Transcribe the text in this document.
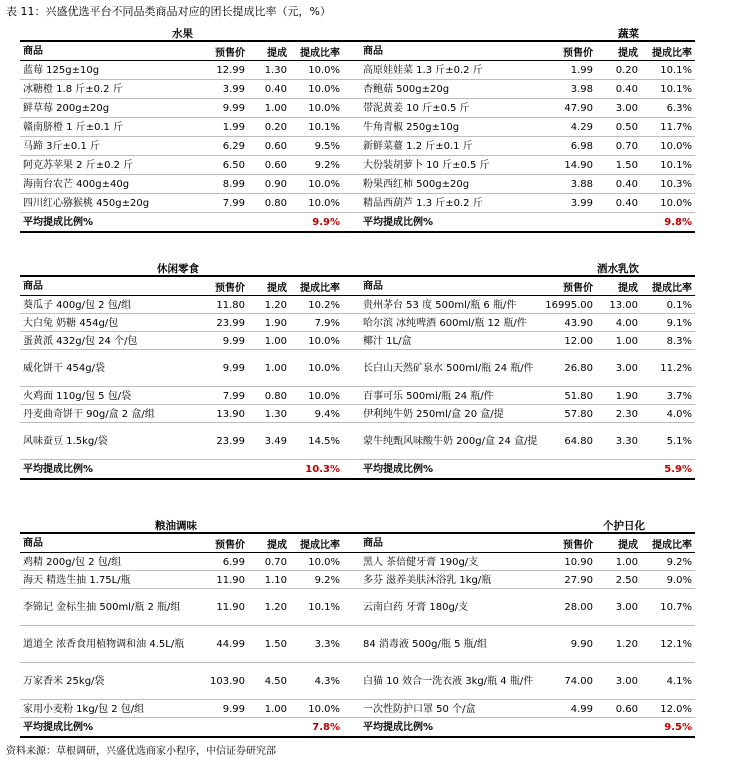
表 11：兴盛优选平台不同品类商品对应的团长提成比率（元，%）
水果	蔬菜
商品	预售价	提成	提成比率
蓝莓 125g±10g	12.99	1.30	10.0%
冰糖橙 1.8 斤±0.2 斤	3.99	0.40	10.0%
鲜草莓 200g±20g	9.99	1.00	10.0%
赣南脐橙 1 斤±0.1 斤	1.99	0.20	10.1%
马蹄 3斤±0.1 斤	6.29	0.60	9.5%
阿克苏苹果 2 斤±0.2 斤	6.50	0.60	9.2%
海南台农芒 400g±40g	8.99	0.90	10.0%
四川红心猕猴桃 450g±20g	7.99	0.80	10.0%
平均提成比例%	9.9%
商品	预售价	提成	提成比率
高原娃娃菜 1.3 斤±0.2 斤	1.99	0.20	10.1%
杏鲍菇 500g±20g	3.98	0.40	10.1%
带泥黄姜 10 斤±0.5 斤	47.90	3.00	6.3%
牛角青椒 250g±10g	4.29	0.50	11.7%
新鲜菜薹 1.2 斤±0.1 斤	6.98	0.70	10.0%
大份装胡萝卜 10 斤±0.5 斤	14.90	1.50	10.1%
粉果西红柿 500g±20g	3.88	0.40	10.3%
精品西葫芦 1.3 斤±0.2 斤	3.99	0.40	10.0%
平均提成比例%	9.8%
休闲零食	酒水乳饮
商品	预售价	提成	提成比率
葵瓜子 400g/包 2 包/组	11.80	1.20	10.2%
大白兔 奶糖 454g/包	23.99	1.90	7.9%
蛋黄派 432g/包 24 个/包	9.99	1.00	10.0%
威化饼干 454g/袋	9.99	1.00	10.0%
火鸡面 110g/包 5 包/袋	7.99	0.80	10.0%
丹麦曲奇饼干 90g/盒 2 盒/组	13.90	1.30	9.4%
风味蚕豆 1.5kg/袋	23.99	3.49	14.5%
平均提成比例%	10.3%
商品	预售价	提成	提成比率
贵州茅台 53 度 500ml/瓶 6 瓶/件	16995.00	13.00	0.1%
哈尔滨 冰纯啤酒 600ml/瓶 12 瓶/件	43.90	4.00	9.1%
椰汁 1L/盒	12.00	1.00	8.3%
长白山天然矿泉水 500ml/瓶 24 瓶/件	26.80	3.00	11.2%
百事可乐 500ml/瓶 24 瓶/件	51.80	1.90	3.7%
伊利纯牛奶 250ml/盒 20 盒/提	57.80	2.30	4.0%
蒙牛纯甄风味酸牛奶 200g/盒 24 盒/提	64.80	3.30	5.1%
平均提成比例%	5.9%
粮油调味	个护日化
商品	预售价	提成	提成比率
鸡精 200g/包 2 包/组	6.99	0.70	10.0%
海天 精选生抽 1.75L/瓶	11.90	1.10	9.2%
李锦记 金标生抽 500ml/瓶 2 瓶/组	11.90	1.20	10.1%
道道全 浓香食用植物调和油 4.5L/瓶	44.99	1.50	3.3%
万家香米 25kg/袋	103.90	4.50	4.3%
家用小麦粉 1kg/包 2 包/组	9.99	1.00	10.0%
平均提成比例%	7.8%
商品	预售价	提成	提成比率
黑人 茶倍健牙膏 190g/支	10.90	1.00	9.2%
多芬 滋养美肤沐浴乳 1kg/瓶	27.90	2.50	9.0%
云南白药 牙膏 180g/支	28.00	3.00	10.7%
84 消毒液 500g/瓶 5 瓶/组	9.90	1.20	12.1%
白猫 10 效合一洗衣液 3kg/瓶 4 瓶/件	74.00	3.00	4.1%
一次性防护口罩 50 个/盒	4.99	0.60	12.0%
平均提成比例%	9.5%
资料来源：草根调研，兴盛优选商家小程序，中信证券研究部
